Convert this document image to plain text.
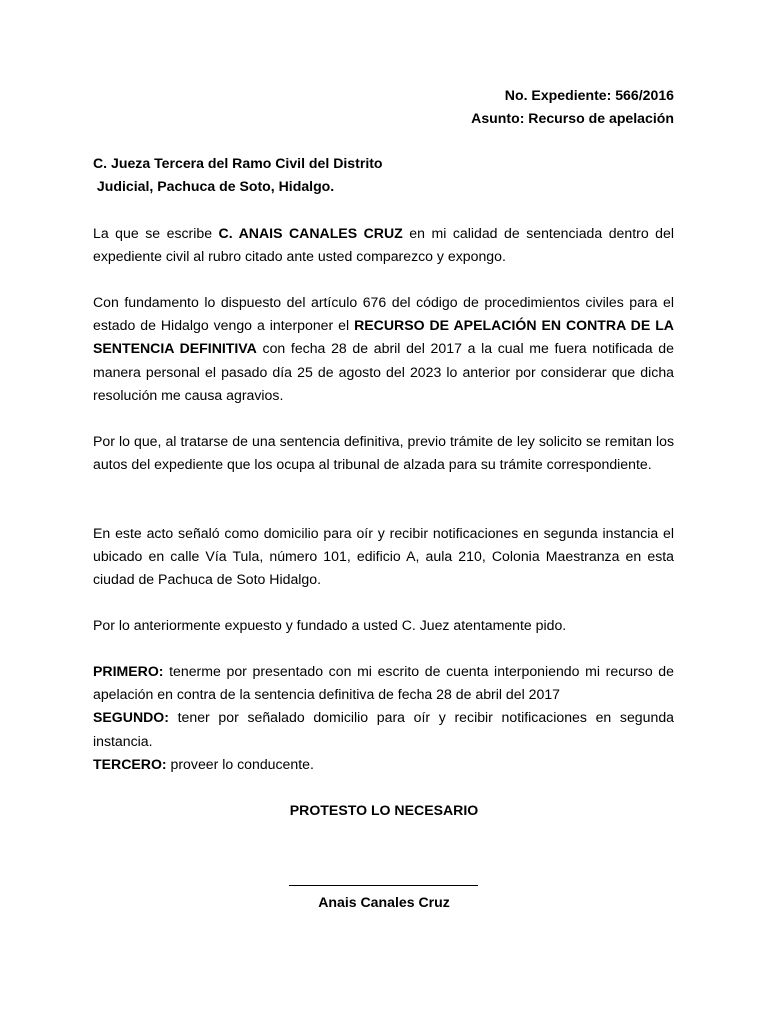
No. Expediente: 566/2016
Asunto: Recurso de apelación
C. Jueza Tercera del Ramo Civil del Distrito
Judicial, Pachuca de Soto, Hidalgo.

La que se escribe C. ANAIS CANALES CRUZ en mi calidad de sentenciada dentro del expediente civil al rubro citado ante usted comparezco y expongo.

Con fundamento lo dispuesto del artículo 676 del código de procedimientos civiles para el estado de Hidalgo vengo a interponer el RECURSO DE APELACIÓN EN CONTRA DE LA SENTENCIA DEFINITIVA con fecha 28 de abril del 2017 a la cual me fuera notificada de manera personal el pasado día 25 de agosto del 2023 lo anterior por considerar que dicha resolución me causa agravios.

Por lo que, al tratarse de una sentencia definitiva, previo trámite de ley solicito se remitan los autos del expediente que los ocupa al tribunal de alzada para su trámite correspondiente.

En este acto señaló como domicilio para oír y recibir notificaciones en segunda instancia el ubicado en calle Vía Tula, número 101, edificio A, aula 210, Colonia Maestranza en esta ciudad de Pachuca de Soto Hidalgo.

Por lo anteriormente expuesto y fundado a usted C. Juez atentamente pido.

PRIMERO: tenerme por presentado con mi escrito de cuenta interponiendo mi recurso de apelación en contra de la sentencia definitiva de fecha 28 de abril del 2017
SEGUNDO: tener por señalado domicilio para oír y recibir notificaciones en segunda instancia.
TERCERO: proveer lo conducente.
PROTESTO LO NECESARIO
Anais Canales Cruz
